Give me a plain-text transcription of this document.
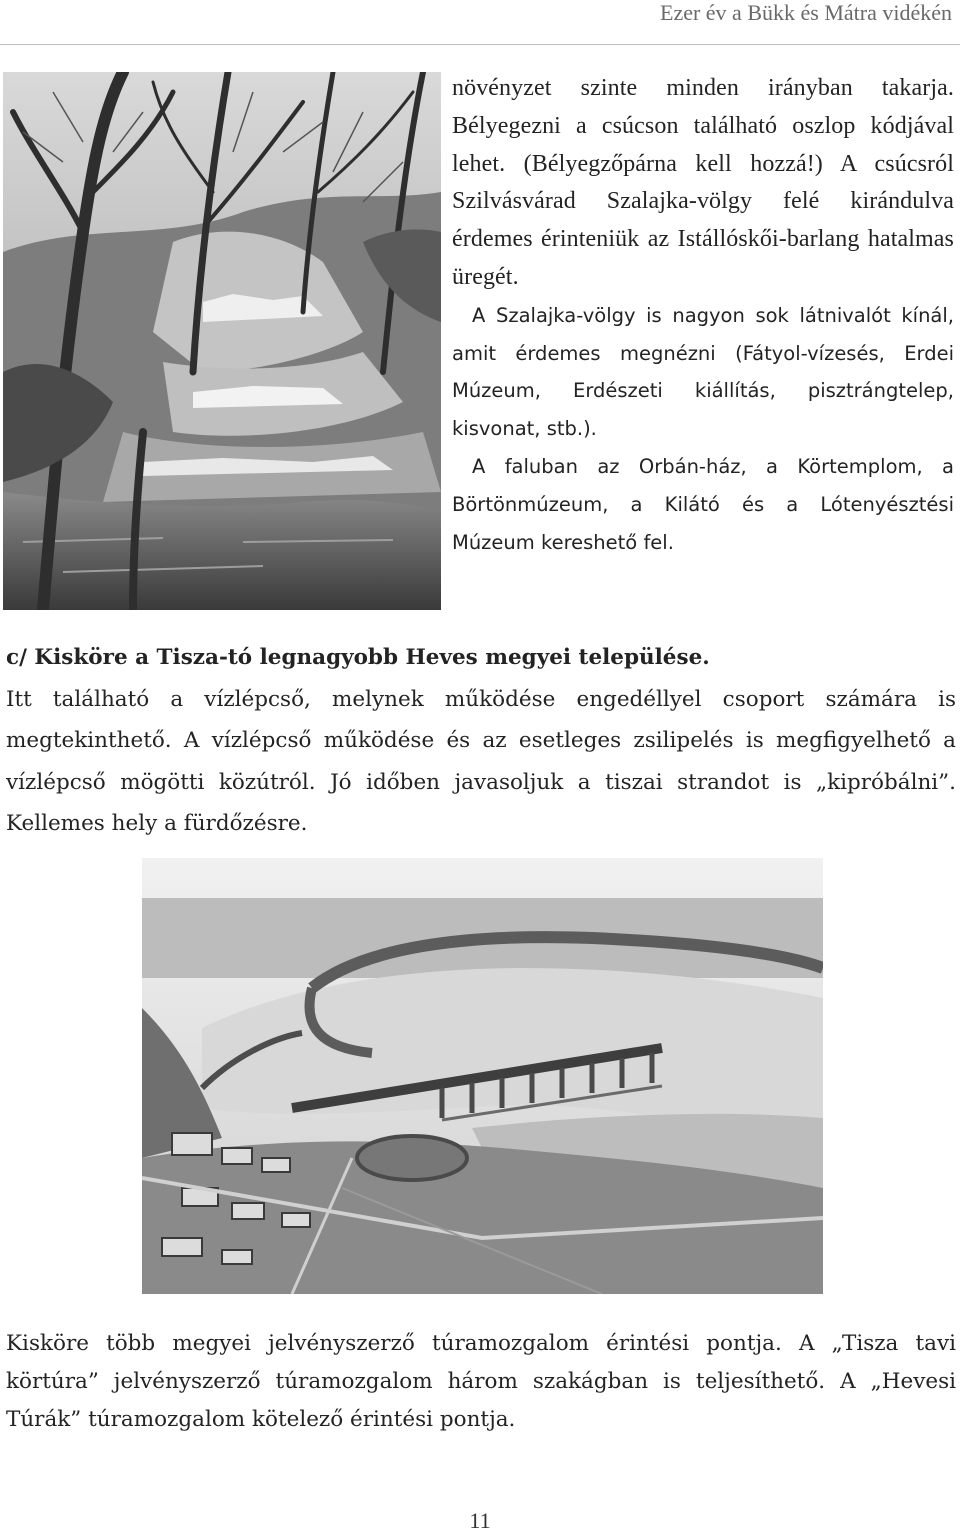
Ezer év a Bükk és Mátra vidékén

növényzet szinte minden irányban takarja. Bélyegezni a csúcson található oszlop kódjával lehet. (Bélyegzőpárna kell hozzá!) A csúcsról Szilvásvárad Szalajka-völgy felé kirándulva érdemes érinteniük az Istállóskői-barlang hatalmas üregét.

A Szalajka-völgy is nagyon sok látnivalót kínál, amit érdemes megnézni (Fátyol-vízesés, Erdei Múzeum, Erdészeti kiállítás, pisztrángtelep, kisvonat, stb.).

A faluban az Orbán-ház, a Körtemplom, a Börtönmúzeum, a Kilátó és a Lótenyésztési Múzeum kereshető fel.

c/ Kisköre a Tisza-tó legnagyobb Heves megyei települése.

Itt található a vízlépcső, melynek működése engedéllyel csoport számára is megtekinthető. A vízlépcső működése és az esetleges zsilipelés is megfigyelhető a vízlépcső mögötti közútról. Jó időben javasoljuk a tiszai strandot is „kipróbálni”. Kellemes hely a fürdőzésre.

Kisköre több megyei jelvényszerző túramozgalom érintési pontja. A „Tisza tavi körtúra” jelvényszerző túramozgalom három szakágban is teljesíthető. A „Hevesi Túrák” túramozgalom kötelező érintési pontja.

11
